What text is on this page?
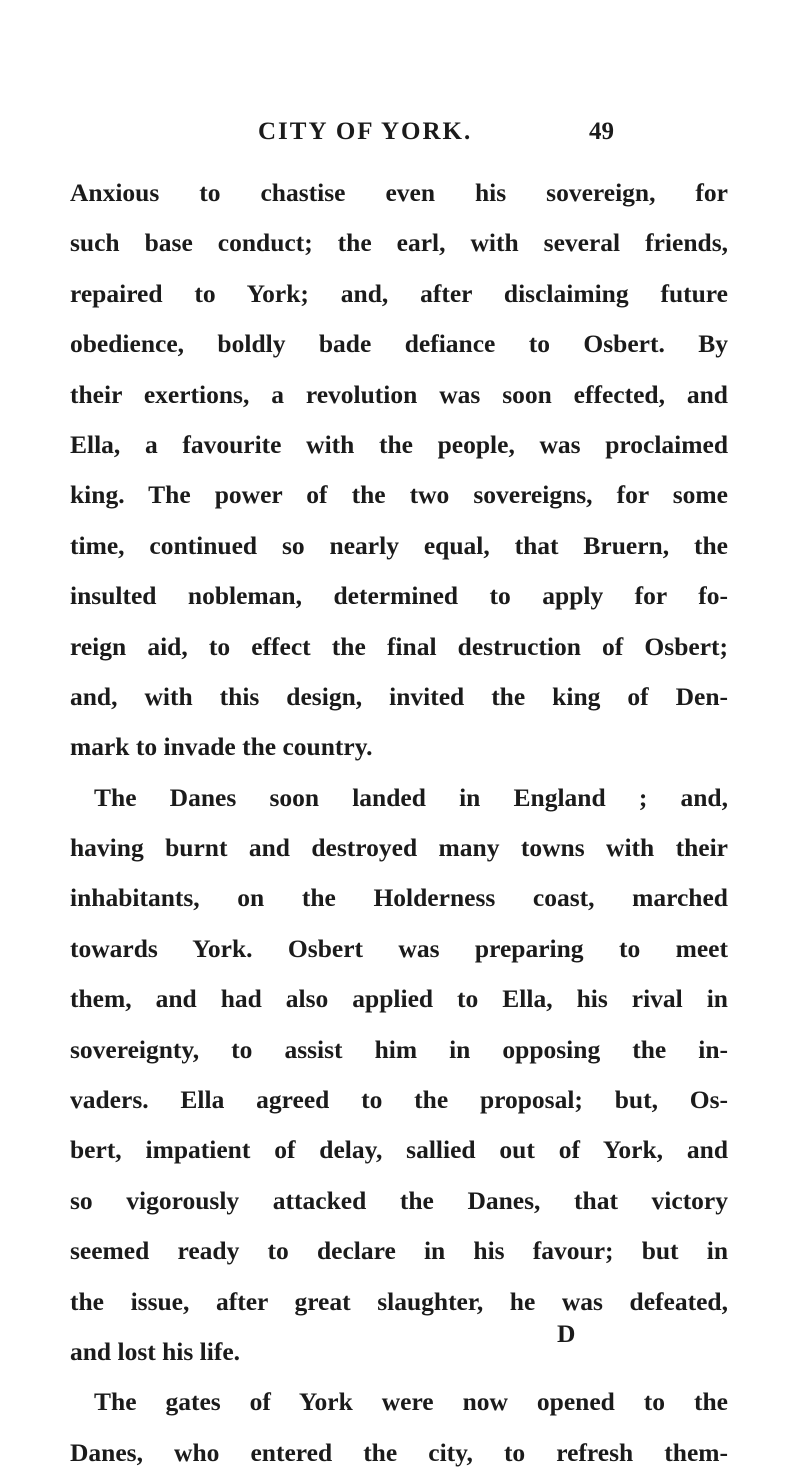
CITY OF YORK.	49
Anxious to chastise even his sovereign, for
such base conduct; the earl, with several friends,
repaired to York; and, after disclaiming future
obedience, boldly bade defiance to Osbert. By
their exertions, a revolution was soon effected, and
Ella, a favourite with the people, was proclaimed
king. The power of the two sovereigns, for some
time, continued so nearly equal, that Bruern, the
insulted nobleman, determined to apply for fo-
reign aid, to effect the final destruction of Osbert;
and, with this design, invited the king of Den-
mark to invade the country.
The Danes soon landed in England ; and,
having burnt and destroyed many towns with their
inhabitants, on the Holderness coast, marched
towards York. Osbert was preparing to meet
them, and had also applied to Ella, his rival in
sovereignty, to assist him in opposing the in-
vaders. Ella agreed to the proposal; but, Os-
bert, impatient of delay, sallied out of York, and
so vigorously attacked the Danes, that victory
seemed ready to declare in his favour; but in
the issue, after great slaughter, he was defeated,
and lost his life.
The gates of York were now opened to the
Danes, who entered the city, to refresh them-
D
